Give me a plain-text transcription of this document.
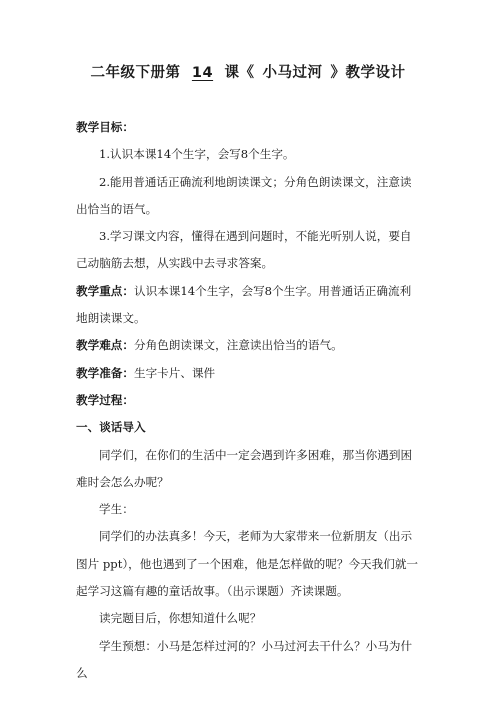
二年级下册第 14 课《 小马过河 》教学设计

教学目标：

1.认识本课14个生字，会写8个生字。

2.能用普通话正确流利地朗读课文；分角色朗读课文，注意读出恰当的语气。

3.学习课文内容，懂得在遇到问题时，不能光听别人说，要自己动脑筋去想，从实践中去寻求答案。

教学重点：认识本课14个生字，会写8个生字。用普通话正确流利地朗读课文。

教学难点：分角色朗读课文，注意读出恰当的语气。

教学准备：生字卡片、课件

教学过程：

一、谈话导入

同学们，在你们的生活中一定会遇到许多困难，那当你遇到困难时会怎么办呢？

学生：

同学们的办法真多！今天，老师为大家带来一位新朋友（出示图片 ppt），他也遇到了一个困难，他是怎样做的呢？今天我们就一起学习这篇有趣的童话故事。（出示课题）齐读课题。

读完题目后，你想知道什么呢？

学生预想：小马是怎样过河的？小马过河去干什么？小马为什么
